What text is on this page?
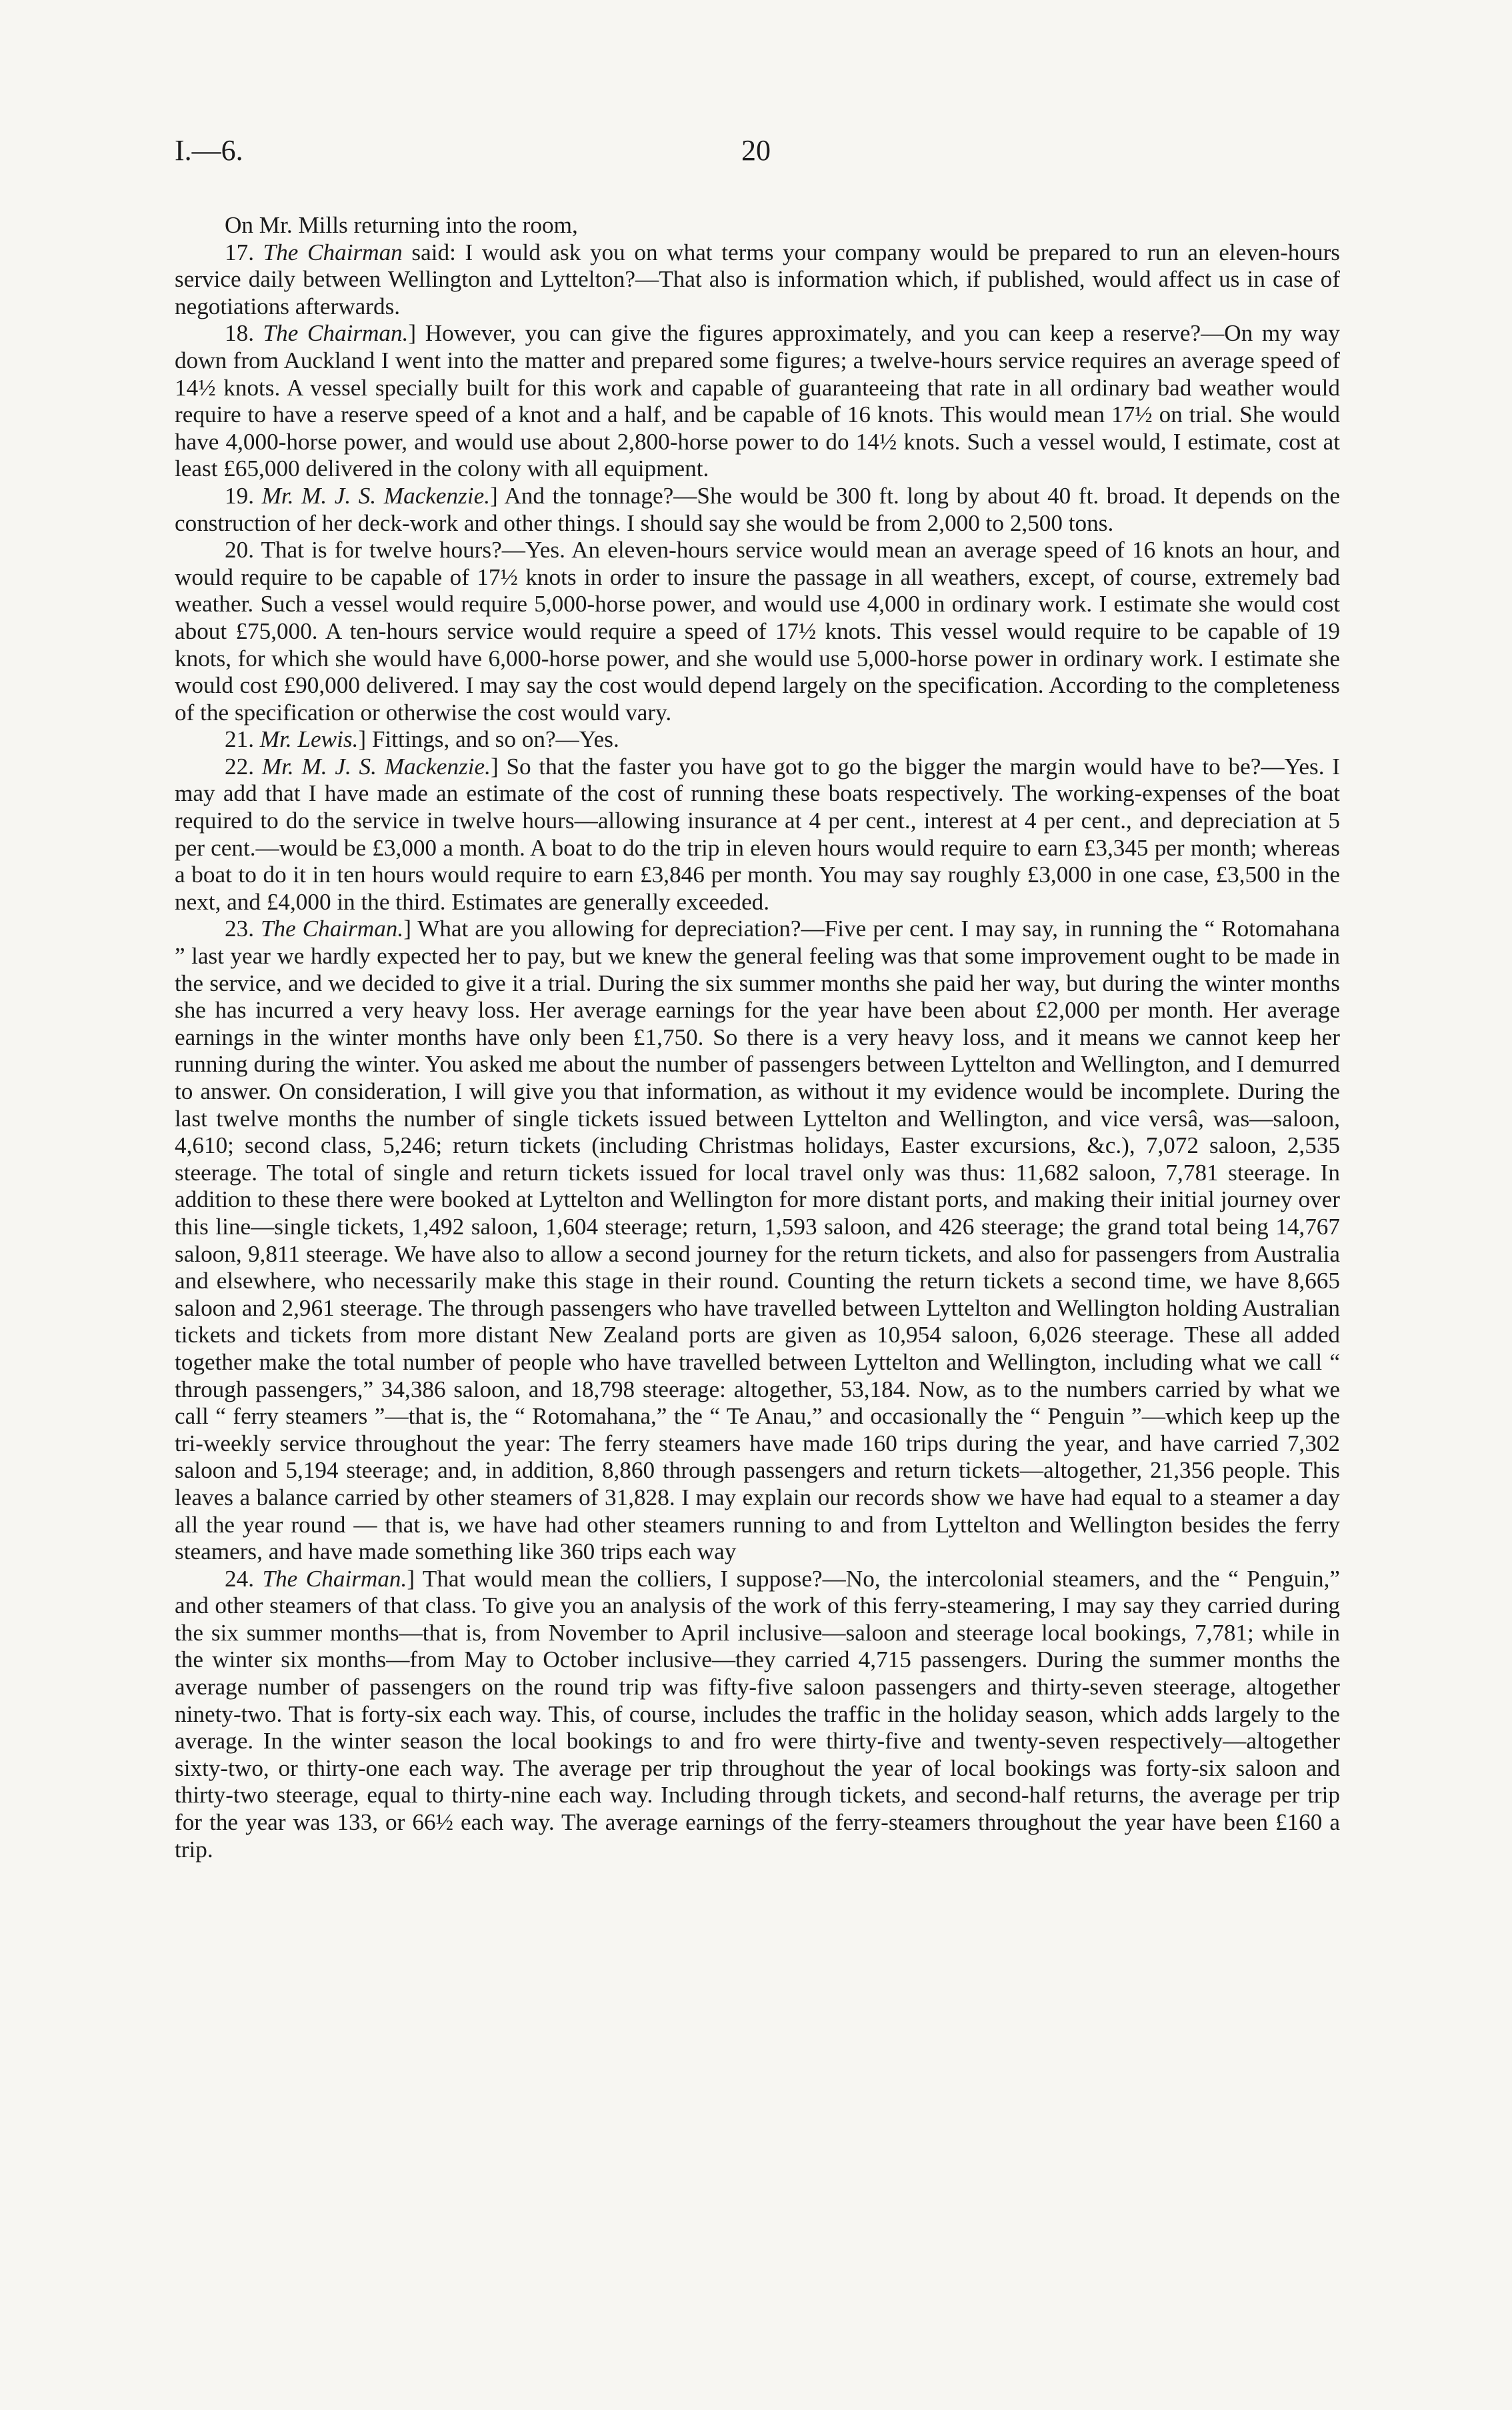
I.—6.	20

On Mr. Mills returning into the room,

17. The Chairman said: I would ask you on what terms your company would be prepared to run an eleven-hours service daily between Wellington and Lyttelton?—That also is information which, if published, would affect us in case of negotiations afterwards.

18. The Chairman.] However, you can give the figures approximately, and you can keep a reserve?—On my way down from Auckland I went into the matter and prepared some figures; a twelve-hours service requires an average speed of 14½ knots. A vessel specially built for this work and capable of guaranteeing that rate in all ordinary bad weather would require to have a reserve speed of a knot and a half, and be capable of 16 knots. This would mean 17½ on trial. She would have 4,000-horse power, and would use about 2,800-horse power to do 14½ knots. Such a vessel would, I estimate, cost at least £65,000 delivered in the colony with all equipment.

19. Mr. M. J. S. Mackenzie.] And the tonnage?—She would be 300 ft. long by about 40 ft. broad. It depends on the construction of her deck-work and other things. I should say she would be from 2,000 to 2,500 tons.

20. That is for twelve hours?—Yes. An eleven-hours service would mean an average speed of 16 knots an hour, and would require to be capable of 17½ knots in order to insure the passage in all weathers, except, of course, extremely bad weather. Such a vessel would require 5,000-horse power, and would use 4,000 in ordinary work. I estimate she would cost about £75,000. A ten-hours service would require a speed of 17½ knots. This vessel would require to be capable of 19 knots, for which she would have 6,000-horse power, and she would use 5,000-horse power in ordinary work. I estimate she would cost £90,000 delivered. I may say the cost would depend largely on the specification. According to the completeness of the specification or otherwise the cost would vary.

21. Mr. Lewis.] Fittings, and so on?—Yes.

22. Mr. M. J. S. Mackenzie.] So that the faster you have got to go the bigger the margin would have to be?—Yes. I may add that I have made an estimate of the cost of running these boats respectively. The working-expenses of the boat required to do the service in twelve hours—allowing insurance at 4 per cent., interest at 4 per cent., and depreciation at 5 per cent.—would be £3,000 a month. A boat to do the trip in eleven hours would require to earn £3,345 per month; whereas a boat to do it in ten hours would require to earn £3,846 per month. You may say roughly £3,000 in one case, £3,500 in the next, and £4,000 in the third. Estimates are generally exceeded.

23. The Chairman.] What are you allowing for depreciation?—Five per cent. I may say, in running the “ Rotomahana ” last year we hardly expected her to pay, but we knew the general feeling was that some improvement ought to be made in the service, and we decided to give it a trial. During the six summer months she paid her way, but during the winter months she has incurred a very heavy loss. Her average earnings for the year have been about £2,000 per month. Her average earnings in the winter months have only been £1,750. So there is a very heavy loss, and it means we cannot keep her running during the winter. You asked me about the number of passengers between Lyttelton and Wellington, and I demurred to answer. On consideration, I will give you that information, as without it my evidence would be incomplete. During the last twelve months the number of single tickets issued between Lyttelton and Wellington, and vice versâ, was—saloon, 4,610; second class, 5,246; return tickets (including Christmas holidays, Easter excursions, &c.), 7,072 saloon, 2,535 steerage. The total of single and return tickets issued for local travel only was thus: 11,682 saloon, 7,781 steerage. In addition to these there were booked at Lyttelton and Wellington for more distant ports, and making their initial journey over this line—single tickets, 1,492 saloon, 1,604 steerage; return, 1,593 saloon, and 426 steerage; the grand total being 14,767 saloon, 9,811 steerage. We have also to allow a second journey for the return tickets, and also for passengers from Australia and elsewhere, who necessarily make this stage in their round. Counting the return tickets a second time, we have 8,665 saloon and 2,961 steerage. The through passengers who have travelled between Lyttelton and Wellington holding Australian tickets and tickets from more distant New Zealand ports are given as 10,954 saloon, 6,026 steerage. These all added together make the total number of people who have travelled between Lyttelton and Wellington, including what we call “ through passengers,” 34,386 saloon, and 18,798 steerage: altogether, 53,184. Now, as to the numbers carried by what we call “ ferry steamers ”—that is, the “ Rotomahana,” the “ Te Anau,” and occasionally the “ Penguin ”—which keep up the tri-weekly service throughout the year: The ferry steamers have made 160 trips during the year, and have carried 7,302 saloon and 5,194 steerage; and, in addition, 8,860 through passengers and return tickets—altogether, 21,356 people. This leaves a balance carried by other steamers of 31,828. I may explain our records show we have had equal to a steamer a day all the year round — that is, we have had other steamers running to and from Lyttelton and Wellington besides the ferry steamers, and have made something like 360 trips each way

24. The Chairman.] That would mean the colliers, I suppose?—No, the intercolonial steamers, and the “ Penguin,” and other steamers of that class. To give you an analysis of the work of this ferry-steamering, I may say they carried during the six summer months—that is, from November to April inclusive—saloon and steerage local bookings, 7,781; while in the winter six months—from May to October inclusive—they carried 4,715 passengers. During the summer months the average number of passengers on the round trip was fifty-five saloon passengers and thirty-seven steerage, altogether ninety-two. That is forty-six each way. This, of course, includes the traffic in the holiday season, which adds largely to the average. In the winter season the local bookings to and fro were thirty-five and twenty-seven respectively—altogether sixty-two, or thirty-one each way. The average per trip throughout the year of local bookings was forty-six saloon and thirty-two steerage, equal to thirty-nine each way. Including through tickets, and second-half returns, the average per trip for the year was 133, or 66½ each way. The average earnings of the ferry-steamers throughout the year have been £160 a trip.
